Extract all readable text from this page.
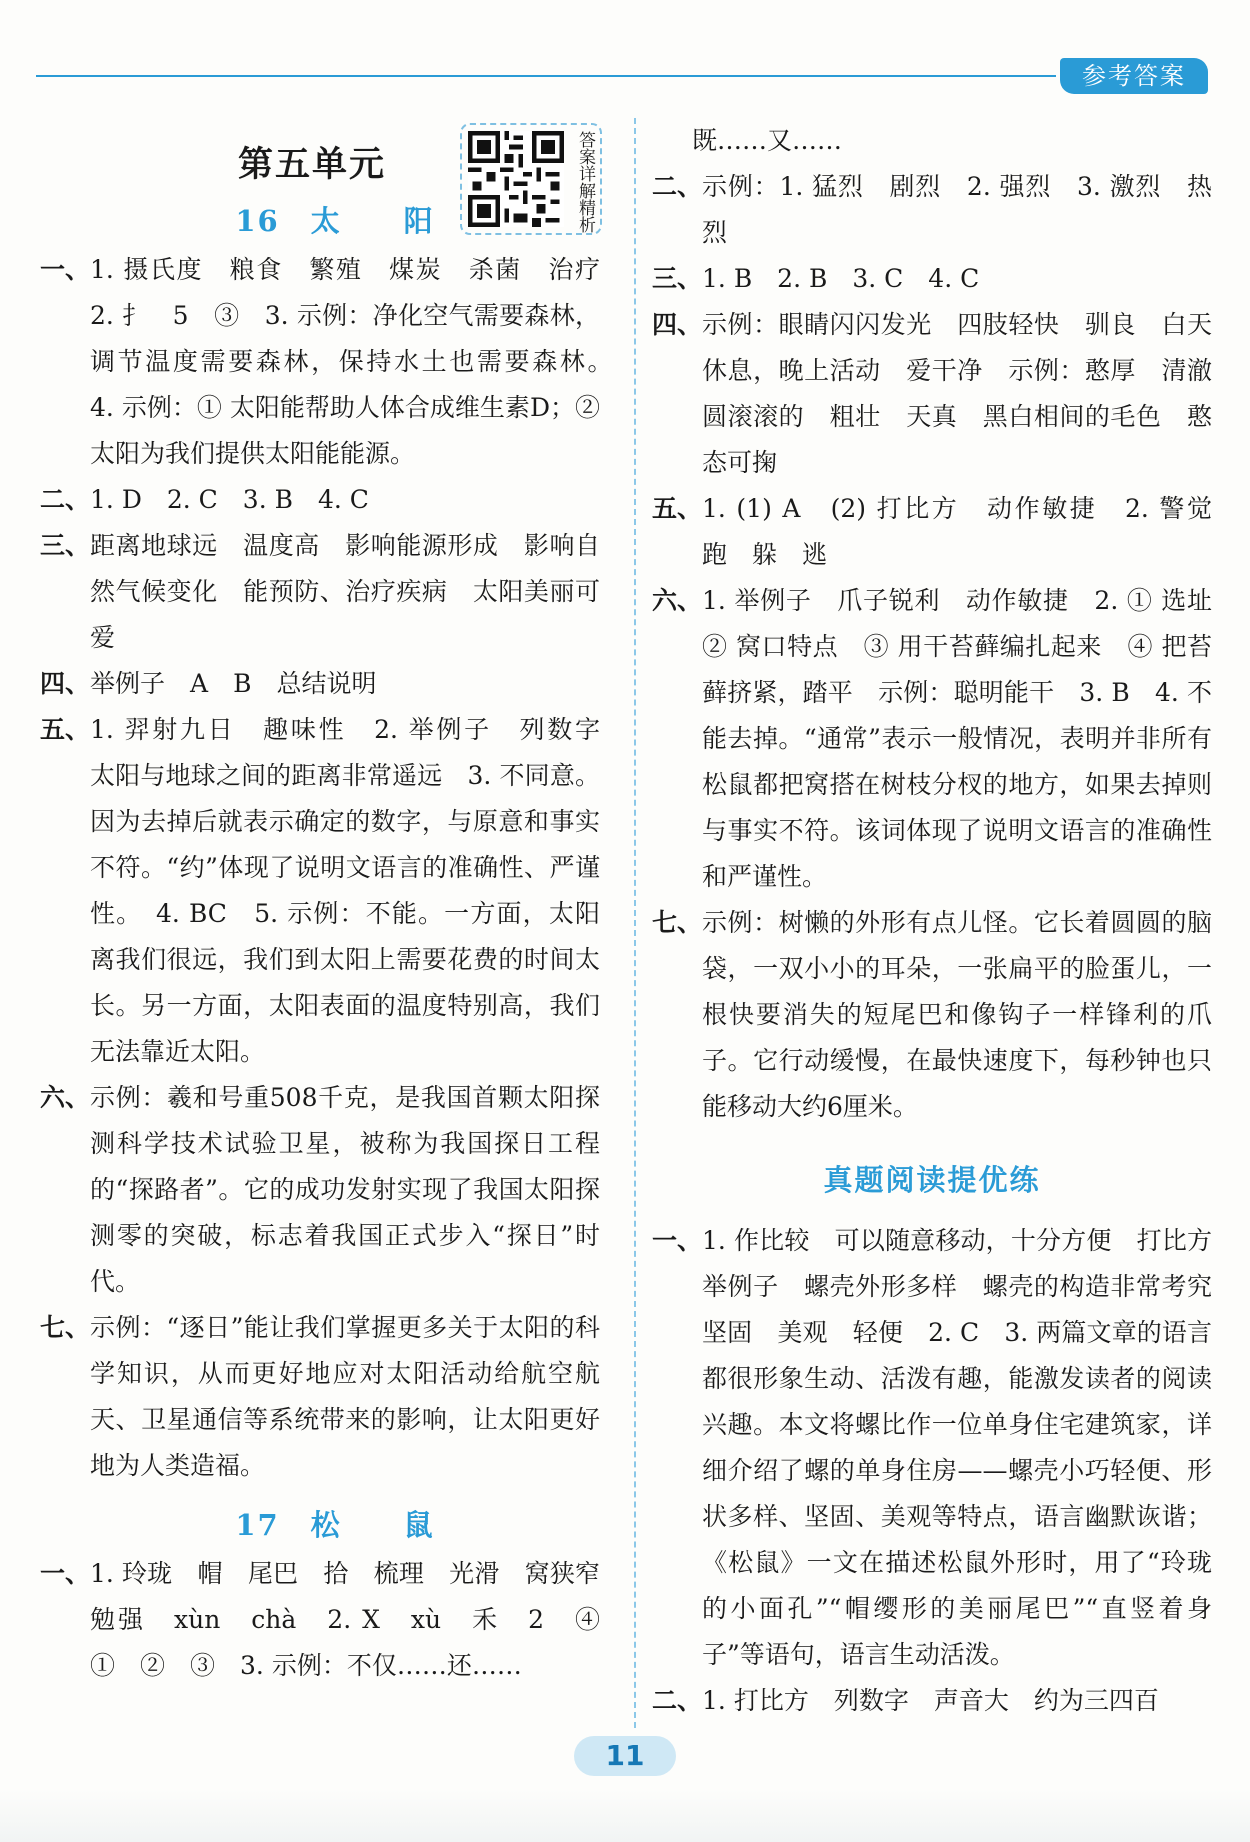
参考答案
第五单元	答案详解精析
16　太　　阳
一、 1. 摄氏度　粮食　繁殖　煤炭　杀菌　治疗　2. 扌　5　③　3. 示例：净化空气需要森林，调节温度需要森林，保持水土也需要森林。　4. 示例：① 太阳能帮助人体合成维生素D；② 太阳为我们提供太阳能能源。
二、 1. D　2. C　3. B　4. C
三、 距离地球远　温度高　影响能源形成　影响自然气候变化　能预防、治疗疾病　太阳美丽可爱
四、 举例子　A　B　总结说明
五、 1. 羿射九日　趣味性　2. 举例子　列数字　太阳与地球之间的距离非常遥远　3. 不同意。因为去掉后就表示确定的数字，与原意和事实不符。“约”体现了说明文语言的准确性、严谨性。　4. BC　5. 示例：不能。一方面，太阳离我们很远，我们到太阳上需要花费的时间太长。另一方面，太阳表面的温度特别高，我们无法靠近太阳。
六、 示例：羲和号重508千克，是我国首颗太阳探测科学技术试验卫星，被称为我国探日工程的“探路者”。它的成功发射实现了我国太阳探测零的突破，标志着我国正式步入“探日”时代。
七、 示例：“逐日”能让我们掌握更多关于太阳的科学知识，从而更好地应对太阳活动给航空航天、卫星通信等系统带来的影响，让太阳更好地为人类造福。
17　松　　鼠
一、 1. 玲珑　帽　尾巴　拾　梳理　光滑　窝狭窄　勉强　xùn　chà　2. X　xù　禾　2　④　①　②　③　3. 示例：不仅……还……
既……又……
二、 示例：1. 猛烈　剧烈　2. 强烈　3. 激烈　热烈
三、 1. B　2. B　3. C　4. C
四、 示例：眼睛闪闪发光　四肢轻快　驯良　白天休息，晚上活动　爱干净　示例：憨厚　清澈　圆滚滚的　粗壮　天真　黑白相间的毛色　憨态可掬
五、 1. (1) A　(2) 打比方　动作敏捷　2. 警觉　跑　躲　逃
六、 1. 举例子　爪子锐利　动作敏捷　2. ① 选址　② 窝口特点　③ 用干苔藓编扎起来　④ 把苔藓挤紧，踏平　示例：聪明能干　3. B　4. 不能去掉。“通常”表示一般情况，表明并非所有松鼠都把窝搭在树枝分杈的地方，如果去掉则与事实不符。该词体现了说明文语言的准确性和严谨性。
七、 示例：树懒的外形有点儿怪。它长着圆圆的脑袋，一双小小的耳朵，一张扁平的脸蛋儿，一根快要消失的短尾巴和像钩子一样锋利的爪子。它行动缓慢，在最快速度下，每秒钟也只能移动大约6厘米。
真题阅读提优练
一、 1. 作比较　可以随意移动，十分方便　打比方　举例子　螺壳外形多样　螺壳的构造非常考究　坚固　美观　轻便　2. C　3. 两篇文章的语言都很形象生动、活泼有趣，能激发读者的阅读兴趣。本文将螺比作一位单身住宅建筑家，详细介绍了螺的单身住房——螺壳小巧轻便、形状多样、坚固、美观等特点，语言幽默诙谐；《松鼠》一文在描述松鼠外形时，用了“玲珑的小面孔”“帽缨形的美丽尾巴”“直竖着身子”等语句，语言生动活泼。
二、 1. 打比方　列数字　声音大　约为三四百
11
